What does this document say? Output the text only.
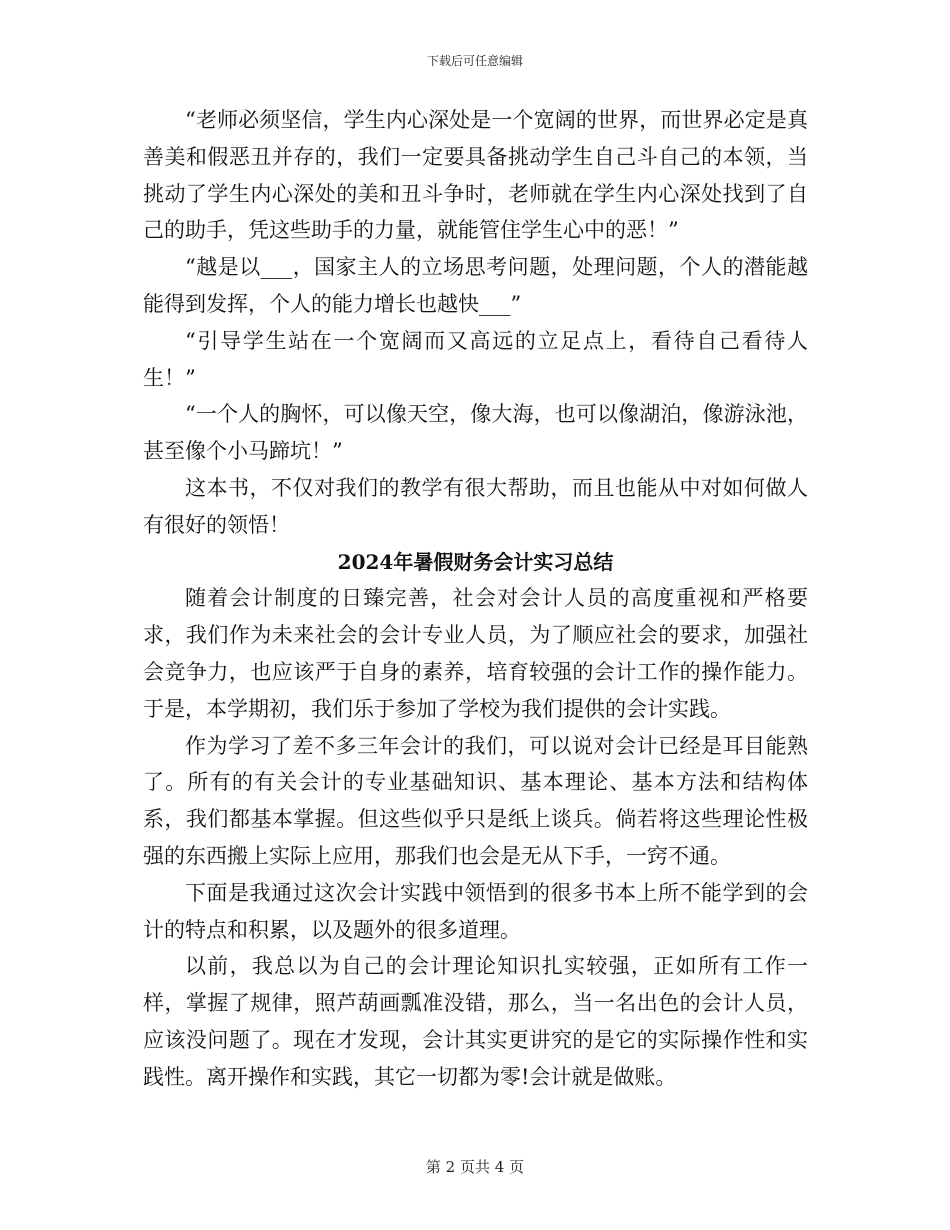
下载后可任意编辑

“老师必须坚信，学生内心深处是一个宽阔的世界，而世界必定是真善美和假恶丑并存的，我们一定要具备挑动学生自己斗自己的本领，当挑动了学生内心深处的美和丑斗争时，老师就在学生内心深处找到了自己的助手，凭这些助手的力量，就能管住学生心中的恶！”

“越是以___，国家主人的立场思考问题，处理问题，个人的潜能越能得到发挥，个人的能力增长也越快___”

“引导学生站在一个宽阔而又高远的立足点上，看待自己看待人生！”

“一个人的胸怀，可以像天空，像大海，也可以像湖泊，像游泳池，甚至像个小马蹄坑！”

这本书，不仅对我们的教学有很大帮助，而且也能从中对如何做人有很好的领悟！

2024年暑假财务会计实习总结

随着会计制度的日臻完善，社会对会计人员的高度重视和严格要求，我们作为未来社会的会计专业人员，为了顺应社会的要求，加强社会竞争力，也应该严于自身的素养，培育较强的会计工作的操作能力。于是，本学期初，我们乐于参加了学校为我们提供的会计实践。

作为学习了差不多三年会计的我们，可以说对会计已经是耳目能熟了。所有的有关会计的专业基础知识、基本理论、基本方法和结构体系，我们都基本掌握。但这些似乎只是纸上谈兵。倘若将这些理论性极强的东西搬上实际上应用，那我们也会是无从下手，一窍不通。

下面是我通过这次会计实践中领悟到的很多书本上所不能学到的会计的特点和积累，以及题外的很多道理。

以前，我总以为自己的会计理论知识扎实较强，正如所有工作一样，掌握了规律，照芦葫画瓢准没错，那么，当一名出色的会计人员，应该没问题了。现在才发现，会计其实更讲究的是它的实际操作性和实践性。离开操作和实践，其它一切都为零!会计就是做账。

第 2 页共 4 页
